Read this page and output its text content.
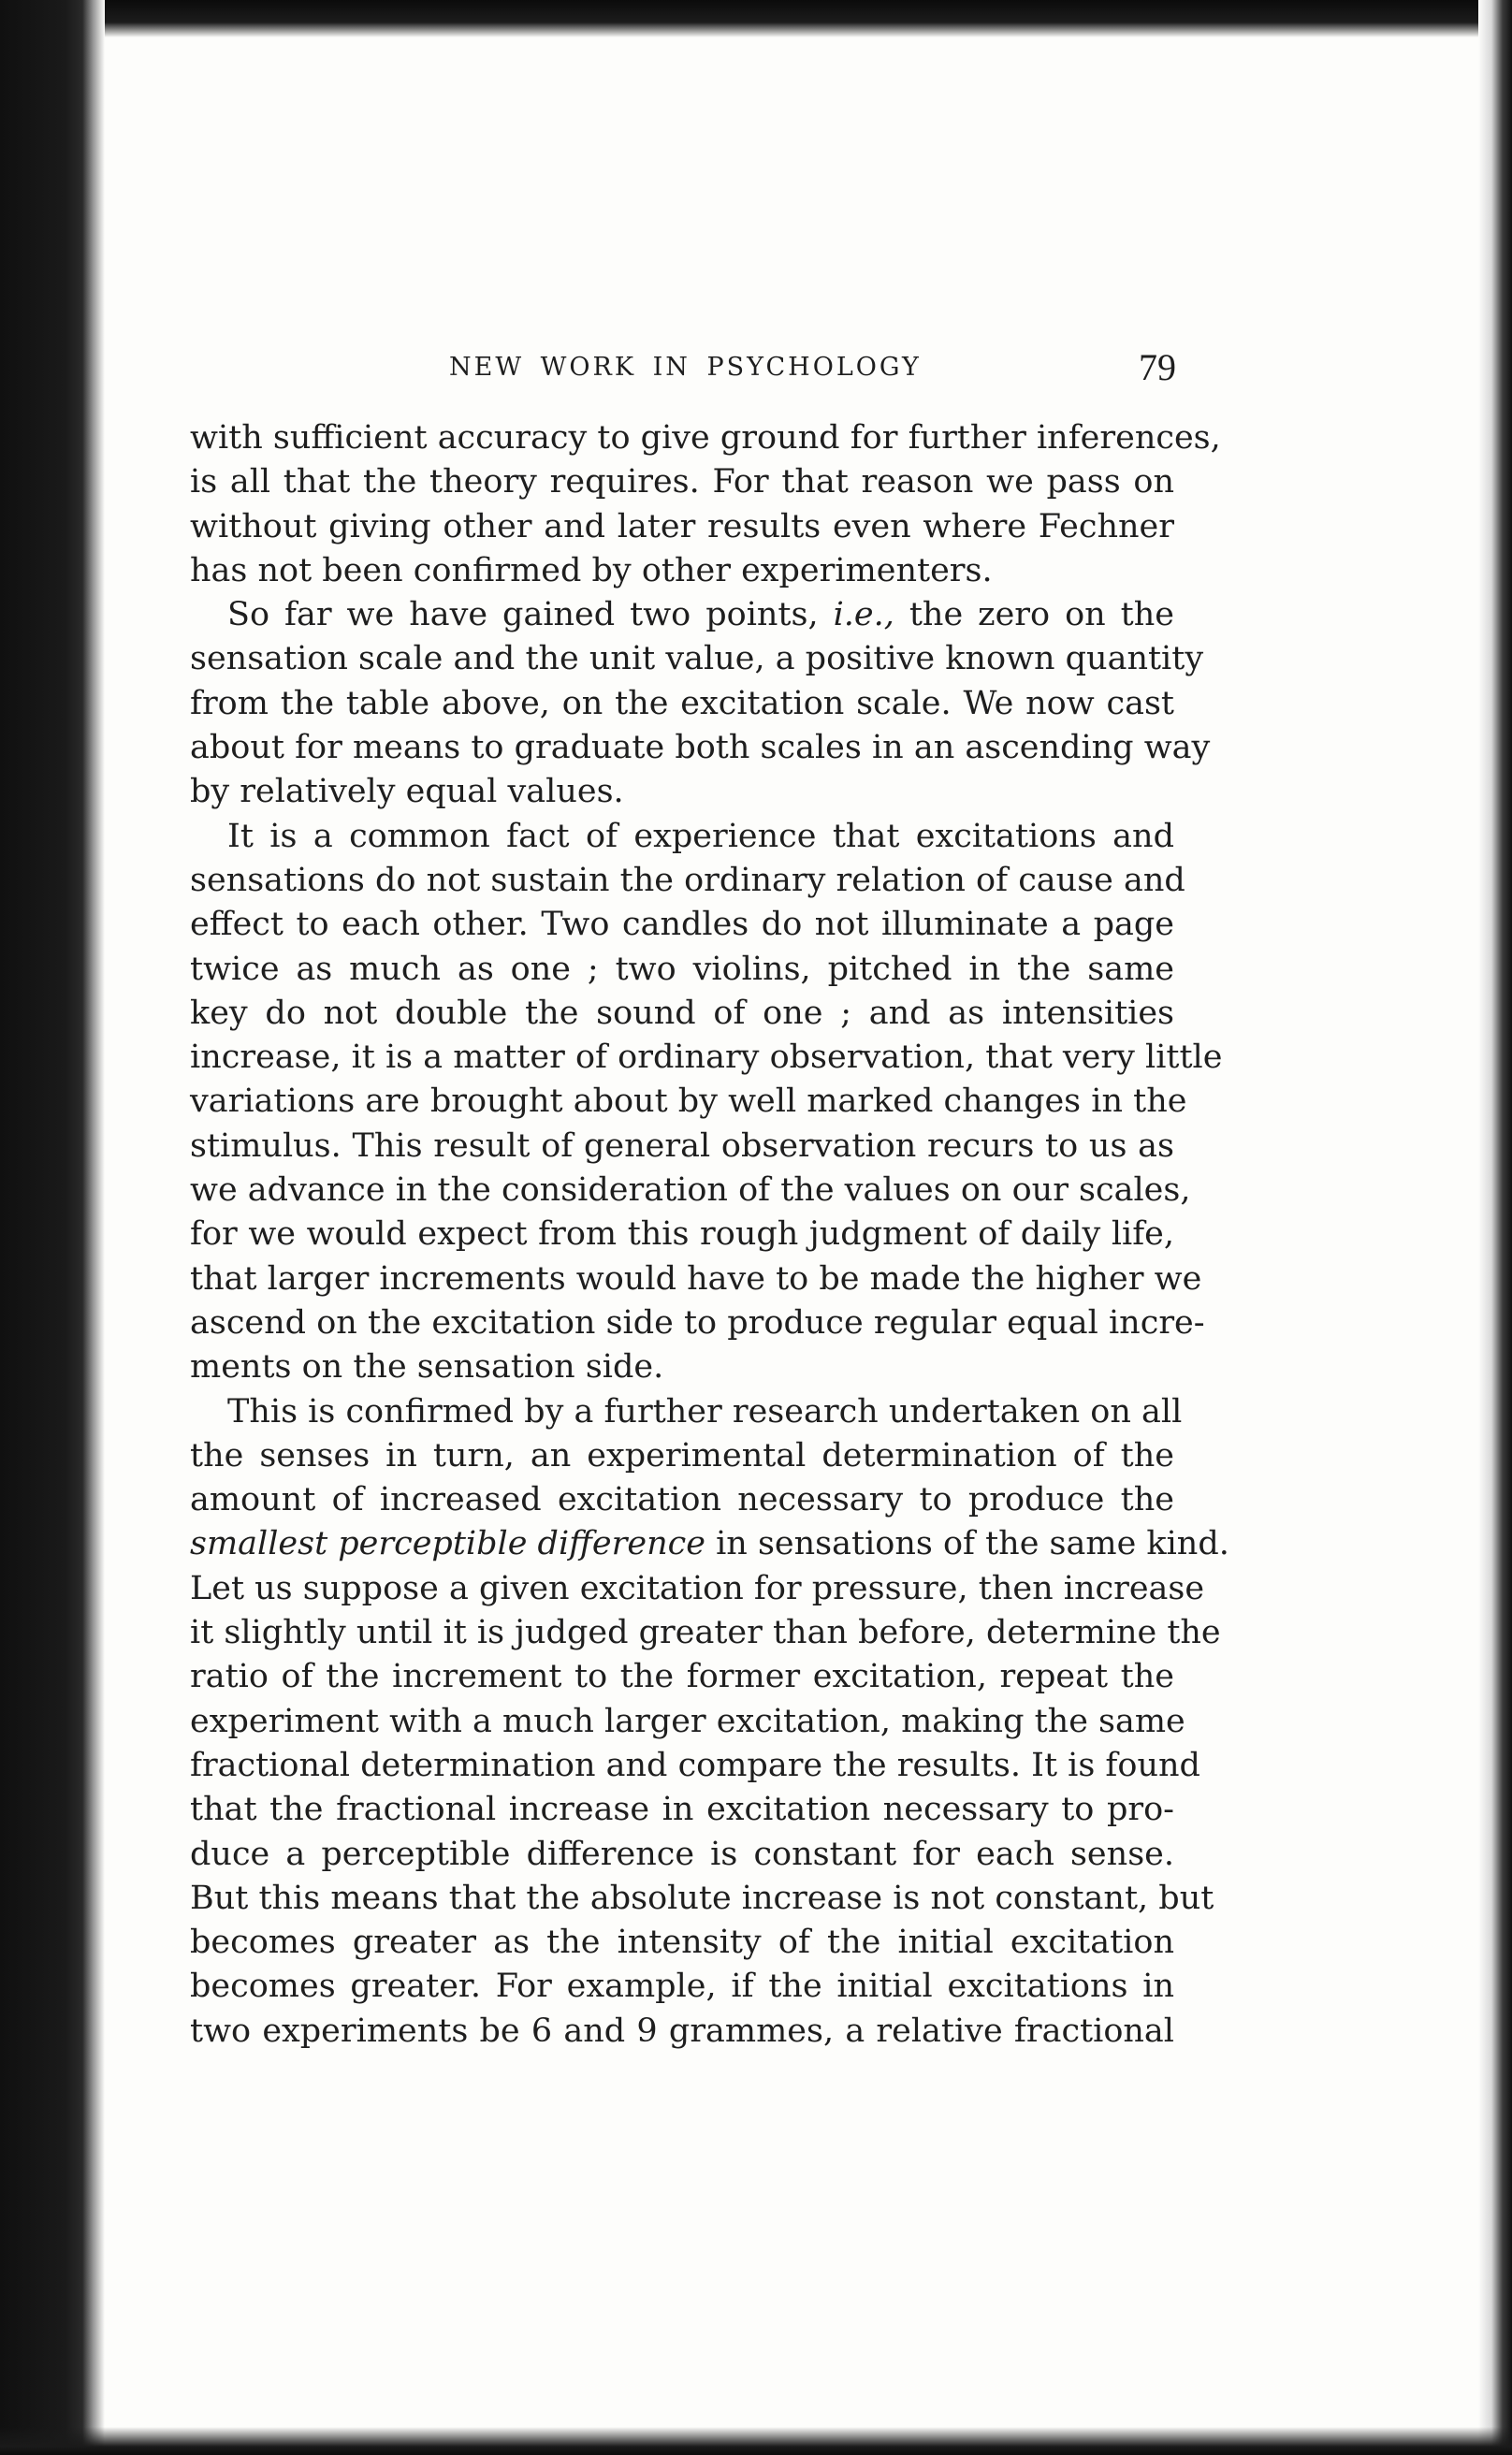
NEW WORK IN PSYCHOLOGY	79

with sufficient accuracy to give ground for further inferences,
is all that the theory requires. For that reason we pass on
without giving other and later results even where Fechner
has not been confirmed by other experimenters.

So far we have gained two points, i.e., the zero on the
sensation scale and the unit value, a positive known quantity
from the table above, on the excitation scale. We now cast
about for means to graduate both scales in an ascending way
by relatively equal values.

It is a common fact of experience that excitations and
sensations do not sustain the ordinary relation of cause and
effect to each other. Two candles do not illuminate a page
twice as much as one ; two violins, pitched in the same
key do not double the sound of one ; and as intensities
increase, it is a matter of ordinary observation, that very little
variations are brought about by well marked changes in the
stimulus. This result of general observation recurs to us as
we advance in the consideration of the values on our scales,
for we would expect from this rough judgment of daily life,
that larger increments would have to be made the higher we
ascend on the excitation side to produce regular equal incre-
ments on the sensation side.

This is confirmed by a further research undertaken on all
the senses in turn, an experimental determination of the
amount of increased excitation necessary to produce the
smallest perceptible difference in sensations of the same kind.
Let us suppose a given excitation for pressure, then increase
it slightly until it is judged greater than before, determine the
ratio of the increment to the former excitation, repeat the
experiment with a much larger excitation, making the same
fractional determination and compare the results. It is found
that the fractional increase in excitation necessary to pro-
duce a perceptible difference is constant for each sense.
But this means that the absolute increase is not constant, but
becomes greater as the intensity of the initial excitation
becomes greater. For example, if the initial excitations in
two experiments be 6 and 9 grammes, a relative fractional
